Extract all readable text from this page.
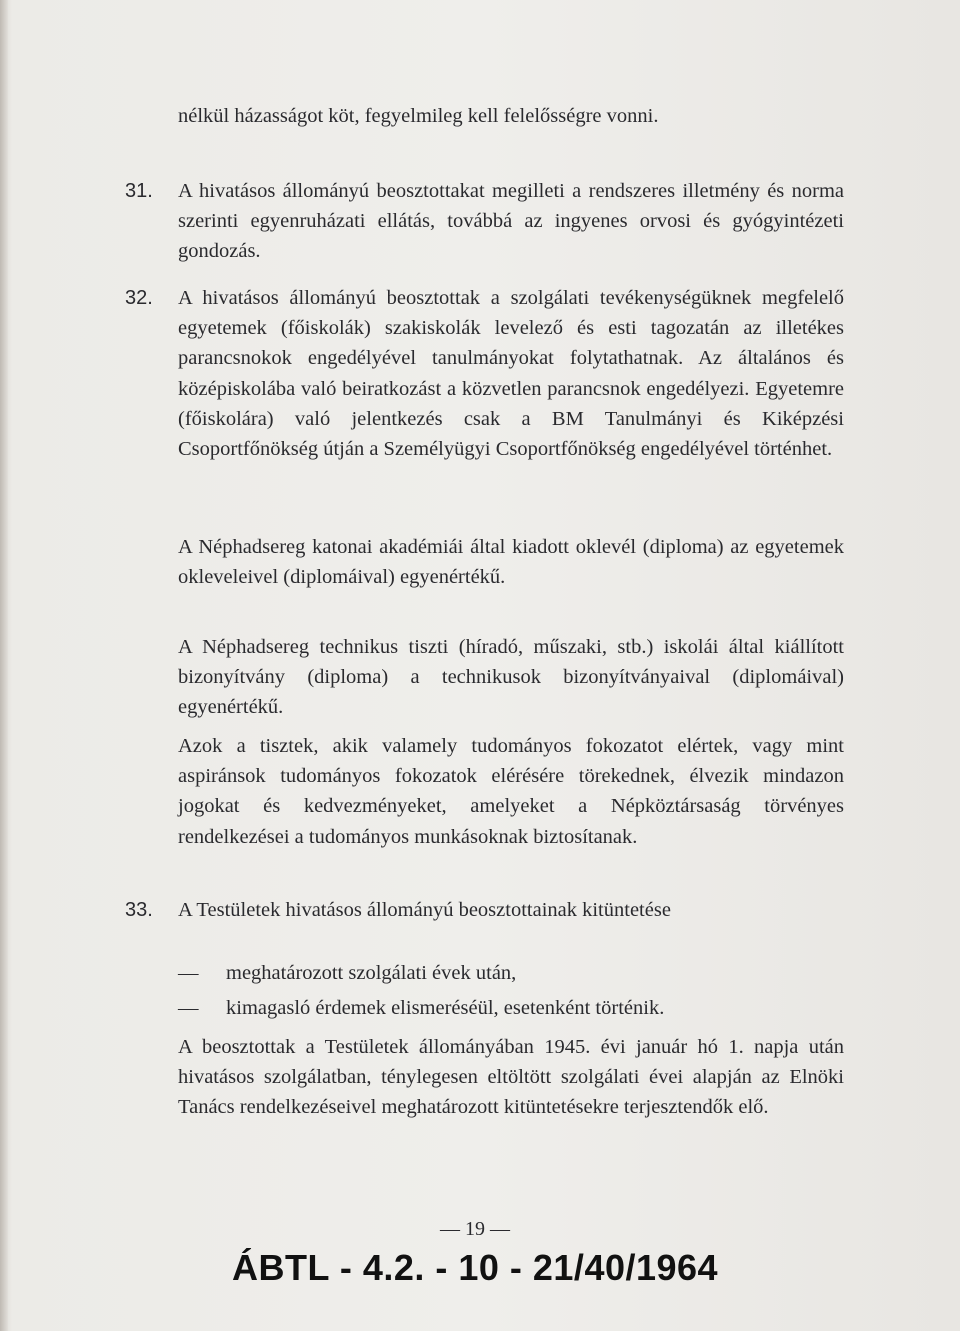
nélkül házasságot köt, fegyelmileg kell felelősségre vonni.

31. A hivatásos állományú beosztottakat megilleti a rendszeres illetmény és norma szerinti egyenruházati ellátás, továbbá az ingyenes orvosi és gyógyintézeti gondozás.

32. A hivatásos állományú beosztottak a szolgálati tevékenységüknek megfelelő egyetemek (főiskolák) szakiskolák levelező és esti tagozatán az illetékes parancsnokok engedélyével tanulmányokat folytathatnak. Az általános és középiskolába való beiratkozást a közvetlen parancsnok engedélyezi. Egyetemre (főiskolára) való jelentkezés csak a BM Tanulmányi és Kiképzési Csoportfőnökség útján a Személyügyi Csoportfőnökség engedélyével történhet.

A Néphadsereg katonai akadémiái által kiadott oklevél (diploma) az egyetemek okleveleivel (diplomáival) egyenértékű.

A Néphadsereg technikus tiszti (híradó, műszaki, stb.) iskolái által kiállított bizonyítvány (diploma) a technikusok bizonyítványaival (diplomáival) egyenértékű.

Azok a tisztek, akik valamely tudományos fokozatot elértek, vagy mint aspiránsok tudományos fokozatok elérésére törekednek, élvezik mindazon jogokat és kedvezményeket, amelyeket a Népköztársaság törvényes rendelkezései a tudományos munkásoknak biztosítanak.

33. A Testületek hivatásos állományú beosztottainak kitüntetése

— meghatározott szolgálati évek után,
— kimagasló érdemek elismeréséül, esetenként történik.

A beosztottak a Testületek állományában 1945. évi január hó 1. napja után hivatásos szolgálatban, ténylegesen eltöltött szolgálati évei alapján az Elnöki Tanács rendelkezéseivel meghatározott kitüntetésekre terjesztendők elő.

— 19 —
ÁBTL - 4.2. - 10 - 21/40/1964
